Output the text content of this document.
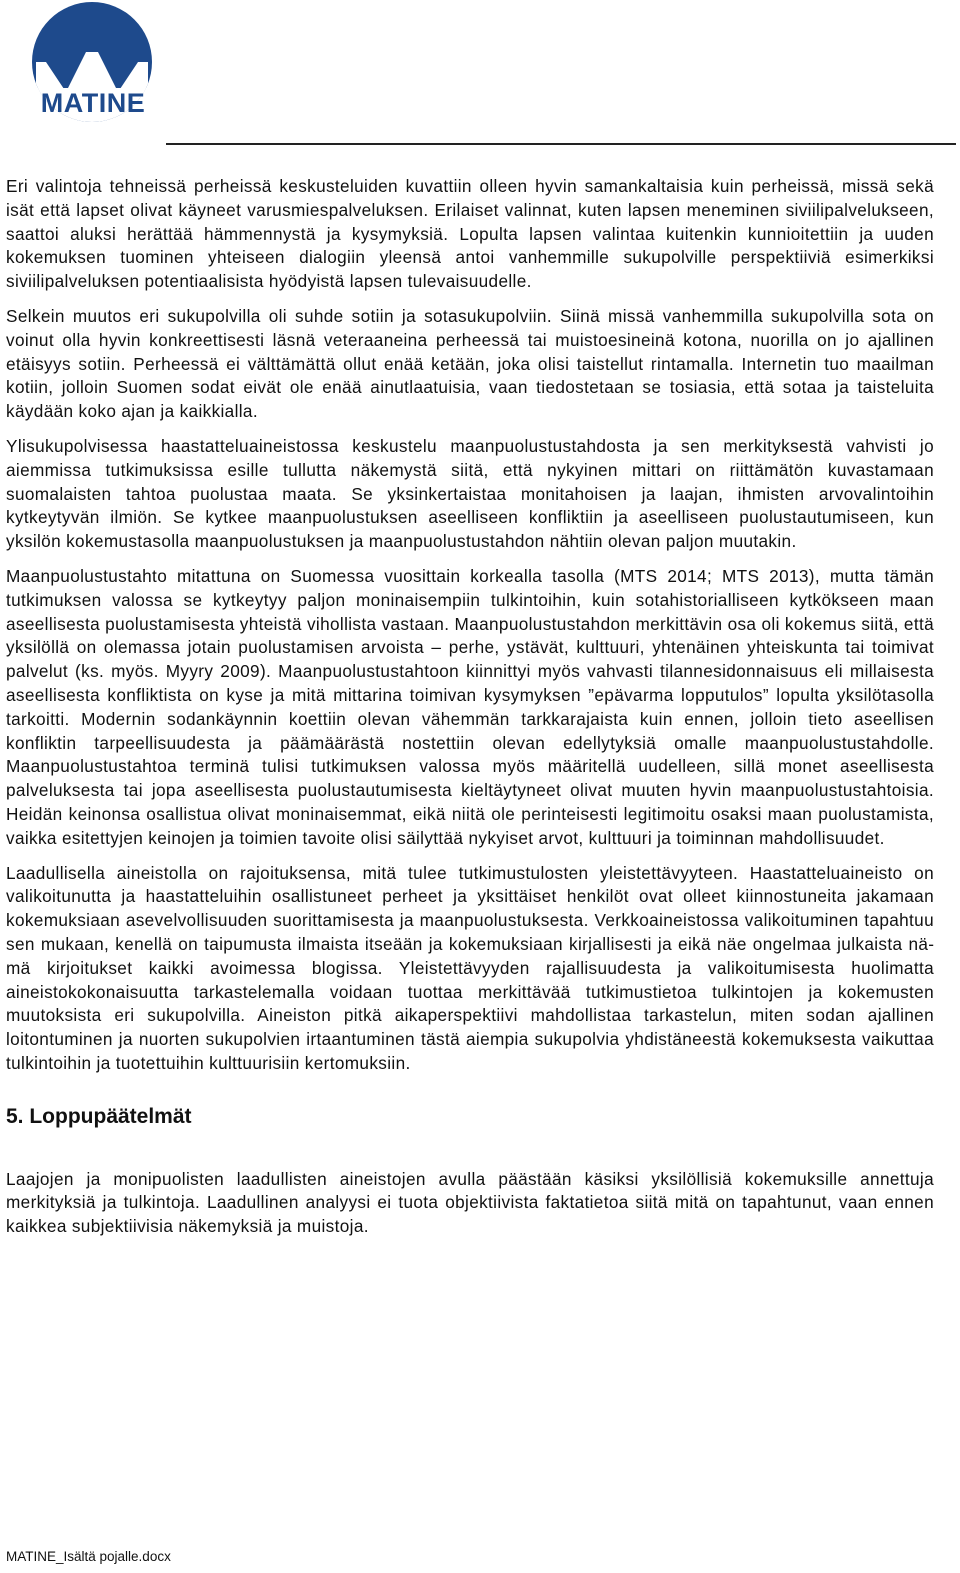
MATINE

Eri valintoja tehneissä perheissä keskusteluiden kuvattiin olleen hyvin samankaltaisia kuin perheissä, missä sekä isät että lapset olivat käyneet varusmiespalveluksen. Erilaiset valinnat, kuten lapsen meneminen siviilipalvelukseen, saattoi aluksi herättää hämmennystä ja kysymyksiä. Lopulta lapsen valintaa kuitenkin kunnioitettiin ja uuden kokemuksen tuominen yhteiseen dialogiin yleensä antoi vanhemmille sukupolville perspektiiviä esimerkiksi siviilipalveluksen potentiaalisista hyödyistä lapsen tulevaisuudelle.

Selkein muutos eri sukupolvilla oli suhde sotiin ja sotasukupolviin. Siinä missä vanhemmilla sukupolvilla sota on voinut olla hyvin konkreettisesti läsnä veteraaneina perheessä tai muistoesineinä kotona, nuorilla on jo ajallinen etäisyys sotiin. Perheessä ei välttämättä ollut enää ketään, joka olisi taistellut rintamalla. Internetin tuo maailman kotiin, jolloin Suomen sodat eivät ole enää ainutlaatuisia, vaan tiedostetaan se tosiasia, että sotaa ja taisteluita käydään koko ajan ja kaikkialla.

Ylisukupolvisessa haastatteluaineistossa keskustelu maanpuolustustahdosta ja sen merkityksestä vahvisti jo aiemmissa tutkimuksissa esille tullutta näkemystä siitä, että nykyinen mittari on riittämätön kuvastamaan suomalaisten tahtoa puolustaa maata. Se yksinkertaistaa monitahoisen ja laajan, ihmisten arvovalintoihin kytkeytyvän ilmiön. Se kytkee maanpuolustuksen aseelliseen konfliktiin ja aseelliseen puolustautumiseen, kun yksilön kokemustasolla maanpuolustuksen ja maanpuolustustahdon nähtiin olevan paljon muutakin.

Maanpuolustustahto mitattuna on Suomessa vuosittain korkealla tasolla (MTS 2014; MTS 2013), mutta tämän tutkimuksen valossa se kytkeytyy paljon moninaisempiin tulkintoihin, kuin sotahistorialliseen kytkökseen maan aseellisesta puolustamisesta yhteistä vihollista vastaan. Maanpuolustustahdon merkittävin osa oli kokemus siitä, että yksilöllä on olemassa jotain puolustamisen arvoista – perhe, ystävät, kulttuuri, yhtenäinen yhteiskunta tai toimivat palvelut (ks. myös. Myyry 2009). Maanpuolustustahtoon kiinnittyi myös vahvasti tilannesidonnaisuus eli millaisesta aseellisesta konfliktista on kyse ja mitä mittarina toimivan kysymyksen ”epävarma lopputulos” lopulta yksilötasolla tarkoitti. Modernin sodankäynnin koettiin olevan vähemmän tarkkarajaista kuin ennen, jolloin tieto aseellisen konfliktin tarpeellisuudesta ja päämäärästä nostettiin olevan edellytyksiä omalle maanpuolustustahdolle. Maanpuolustustahtoa terminä tulisi tutkimuksen valossa myös määritellä uudelleen, sillä monet aseellisesta palveluksesta tai jopa aseellisesta puolustautumisesta kieltäytyneet olivat muuten hyvin maanpuolustustahtoisia. Heidän keinonsa osallistua olivat moninaisemmat, eikä niitä ole perinteisesti legitimoitu osaksi maan puolustamista, vaikka esitettyjen keinojen ja toimien tavoite olisi säilyttää nykyiset arvot, kulttuuri ja toiminnan mahdollisuudet.

Laadullisella aineistolla on rajoituksensa, mitä tulee tutkimustulosten yleistettävyyteen. Haastatteluaineisto on valikoitunutta ja haastatteluihin osallistuneet perheet ja yksittäiset henkilöt ovat olleet kiinnostuneita jakamaan kokemuksiaan asevelvollisuuden suorittamisesta ja maanpuolustuksesta. Verkkoaineistossa valikoituminen tapahtuu sen mukaan, kenellä on taipumusta ilmaista itseään ja kokemuksiaan kirjallisesti ja eikä näe ongelmaa julkaista nämä kirjoitukset kaikki avoimessa blogissa. Yleistettävyyden rajallisuudesta ja valikoitumisesta huolimatta aineistokokonaisuutta tarkastelemalla voidaan tuottaa merkittävää tutkimustietoa tulkintojen ja kokemusten muutoksista eri sukupolvilla. Aineiston pitkä aikaperspektiivi mahdollistaa tarkastelun, miten sodan ajallinen loitontuminen ja nuorten sukupolvien irtaantuminen tästä aiempia sukupolvia yhdistäneestä kokemuksesta vaikuttaa tulkintoihin ja tuotettuihin kulttuurisiin kertomuksiin.

5. Loppupäätelmät

Laajojen ja monipuolisten laadullisten aineistojen avulla päästään käsiksi yksilöllisiä kokemuksille annettuja merkityksiä ja tulkintoja. Laadullinen analyysi ei tuota objektiivista faktatietoa siitä mitä on tapahtunut, vaan ennen kaikkea subjektiivisia näkemyksiä ja muistoja.

MATINE_Isältä pojalle.docx
